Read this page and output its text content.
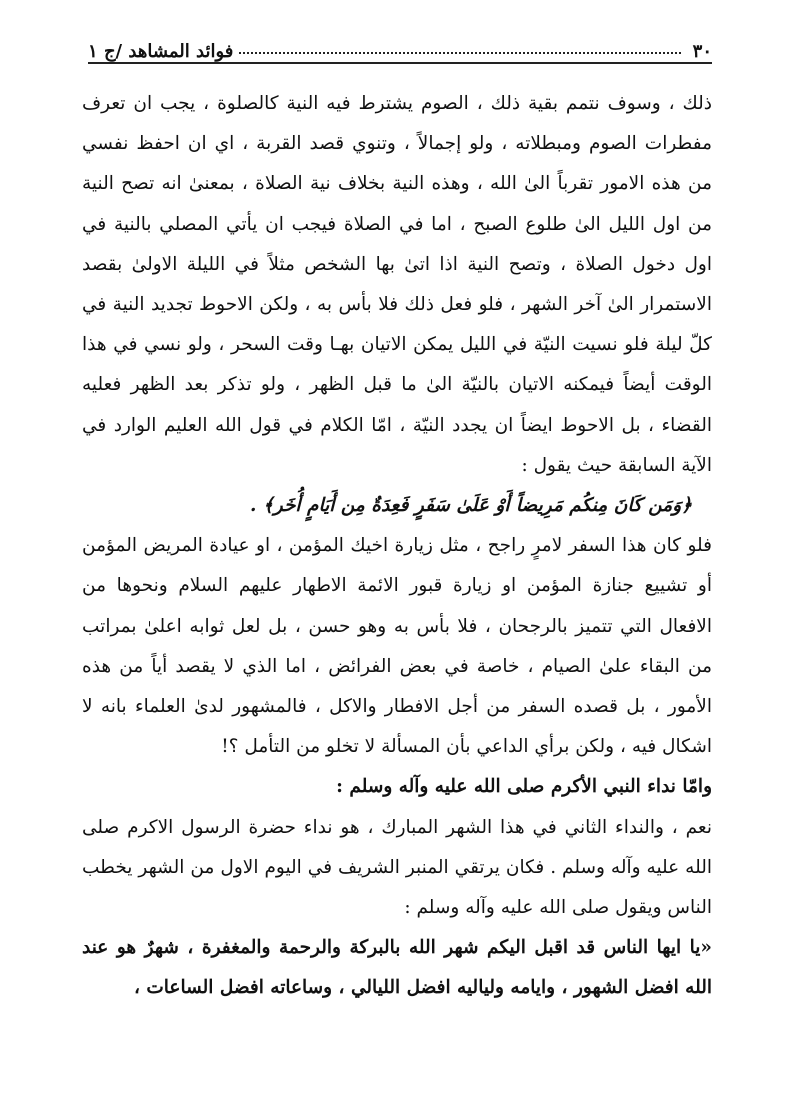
٣٠
فوائد المشاهد /ج ١

ذلك ، وسوف نتمم بقية ذلك ، الصوم يشترط فيه النية كالصلوة ، يجب ان تعرف مفطرات الصوم ومبطلاته ، ولو إجمالاً ، وتنوي قصد القربة ، اي ان احفظ نفسي من هذه الامور تقرباً الىٰ الله ، وهذه النية بخلاف نية الصلاة ، بمعنىٰ انه تصح النية من اول الليل الىٰ طلوع الصبح ، اما في الصلاة فيجب ان يأتي المصلي بالنية في اول دخول الصلاة ، وتصح النية اذا اتىٰ بها الشخص مثلاً في الليلة الاولىٰ بقصد الاستمرار الىٰ آخر الشهر ، فلو فعل ذلك فلا بأس به ، ولكن الاحوط تجديد النية في كلّ ليلة فلو نسيت النيّة في الليل يمكن الاتيان بهـا وقت السحر ، ولو نسي في هذا الوقت أيضاً فيمكنه الاتيان بالنيّة الىٰ ما قبل الظهر ، ولو تذكر بعد الظهر فعليه القضاء ، بل الاحوط ايضاً ان يجدد النيّة ، امّا الكلام في قول الله العليم الوارد في الآية السابقة حيث يقول :

﴿وَمَن كَانَ مِنكُم مَرِيضاً أَوْ عَلَىٰ سَفَرٍ فَعِدَةٌ مِن أَيَامٍ أُخَر﴾ .

فلو كان هذا السفر لامرٍ راجح ، مثل زيارة اخيك المؤمن ، او عيادة المريض المؤمن أو تشييع جنازة المؤمن او زيارة قبور الائمة الاطهار عليهم السلام ونحوها من الافعال التي تتميز بالرجحان ، فلا بأس به وهو حسن ، بل لعل ثوابه اعلىٰ بمراتب من البقاء علىٰ الصيام ، خاصة في بعض الفرائض ، اما الذي لا يقصد أياً من هذه الأمور ، بل قصده السفر من أجل الافطار والاكل ، فالمشهور لدىٰ العلماء بانه لا اشكال فيه ، ولكن برأي الداعي بأن المسألة لا تخلو من التأمل ؟!

وامّا نداء النبي الأكرم صلى الله عليه وآله وسلم :

نعم ، والنداء الثاني في هذا الشهر المبارك ، هو نداء حضرة الرسول الاكرم صلى الله عليه وآله وسلم . فكان يرتقي المنبر الشريف في اليوم الاول من الشهر يخطب الناس ويقول صلى الله عليه وآله وسلم :

«يا ايها الناس قد اقبل اليكم شهر الله بالبركة والرحمة والمغفرة ، شهرٌ هو عند الله افضل الشهور ، وايامه ولياليه افضل الليالي ، وساعاته افضل الساعات ،
